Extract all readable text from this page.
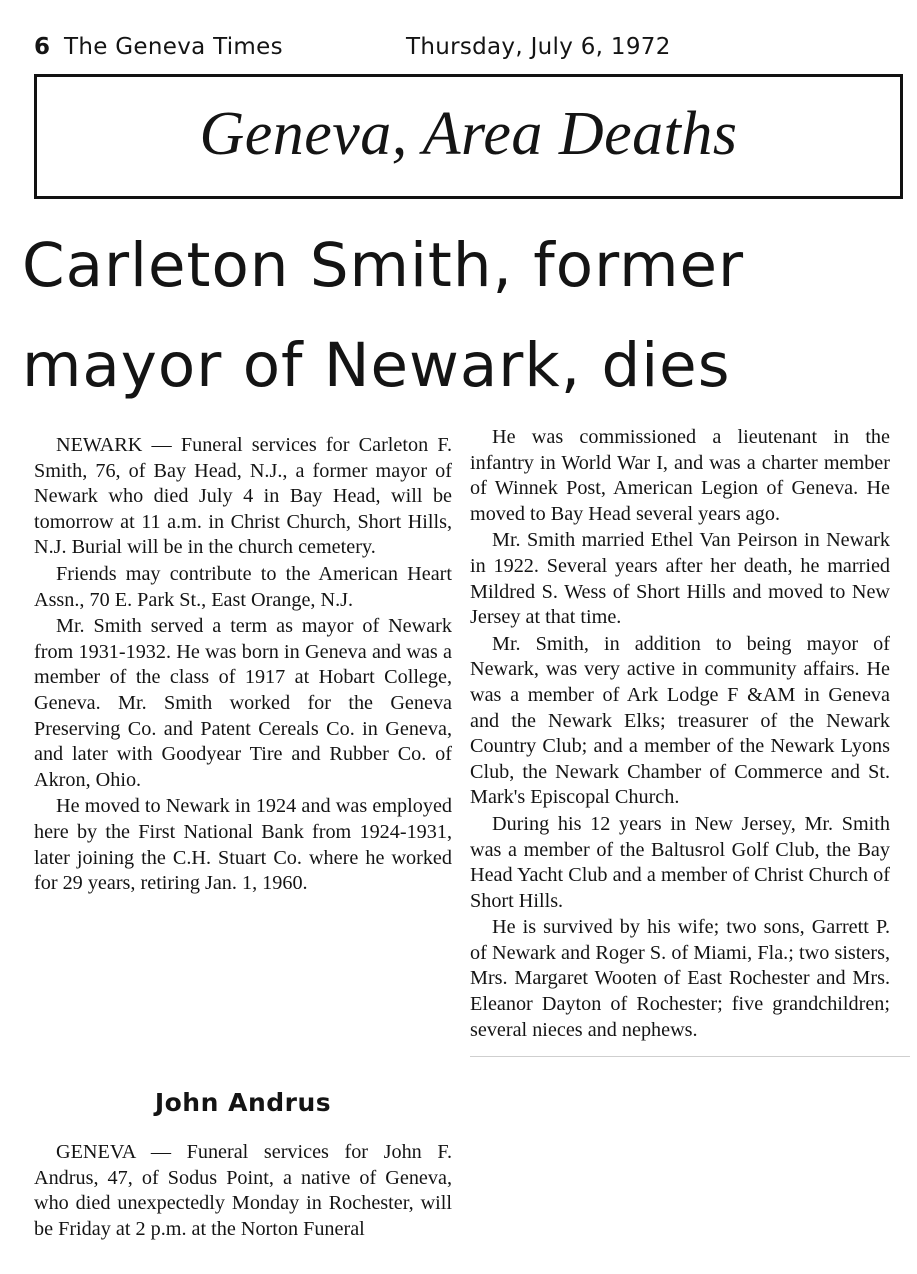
6 The Geneva Times	Thursday, July 6, 1972
Geneva, Area Deaths
Carleton Smith, former
mayor of Newark, dies

NEWARK — Funeral services for Carleton F. Smith, 76, of Bay Head, N.J., a former mayor of Newark who died July 4 in Bay Head, will be tomorrow at 11 a.m. in Christ Church, Short Hills, N.J. Burial will be in the church cemetery.

Friends may contribute to the American Heart Assn., 70 E. Park St., East Orange, N.J.

Mr. Smith served a term as mayor of Newark from 1931-1932. He was born in Geneva and was a member of the class of 1917 at Hobart College, Geneva. Mr. Smith worked for the Geneva Preserving Co. and Patent Cereals Co. in Geneva, and later with Goodyear Tire and Rubber Co. of Akron, Ohio.

He moved to Newark in 1924 and was employed here by the First National Bank from 1924-1931, later joining the C.H. Stuart Co. where he worked for 29 years, retiring Jan. 1, 1960.

He was commissioned a lieutenant in the infantry in World War I, and was a charter member of Winnek Post, American Legion of Geneva. He moved to Bay Head several years ago.

Mr. Smith married Ethel Van Peirson in Newark in 1922. Several years after her death, he married Mildred S. Wess of Short Hills and moved to New Jersey at that time.

Mr. Smith, in addition to being mayor of Newark, was very active in community affairs. He was a member of Ark Lodge F &AM in Geneva and the Newark Elks; treasurer of the Newark Country Club; and a member of the Newark Lyons Club, the Newark Chamber of Commerce and St. Mark's Episcopal Church.

During his 12 years in New Jersey, Mr. Smith was a member of the Baltusrol Golf Club, the Bay Head Yacht Club and a member of Christ Church of Short Hills.

He is survived by his wife; two sons, Garrett P. of Newark and Roger S. of Miami, Fla.; two sisters, Mrs. Margaret Wooten of East Rochester and Mrs. Eleanor Dayton of Rochester; five grandchildren; several nieces and nephews.

John Andrus

GENEVA — Funeral services for John F. Andrus, 47, of Sodus Point, a native of Geneva, who died unexpectedly Monday in Rochester, will be Friday at 2 p.m. at the Norton Funeral
